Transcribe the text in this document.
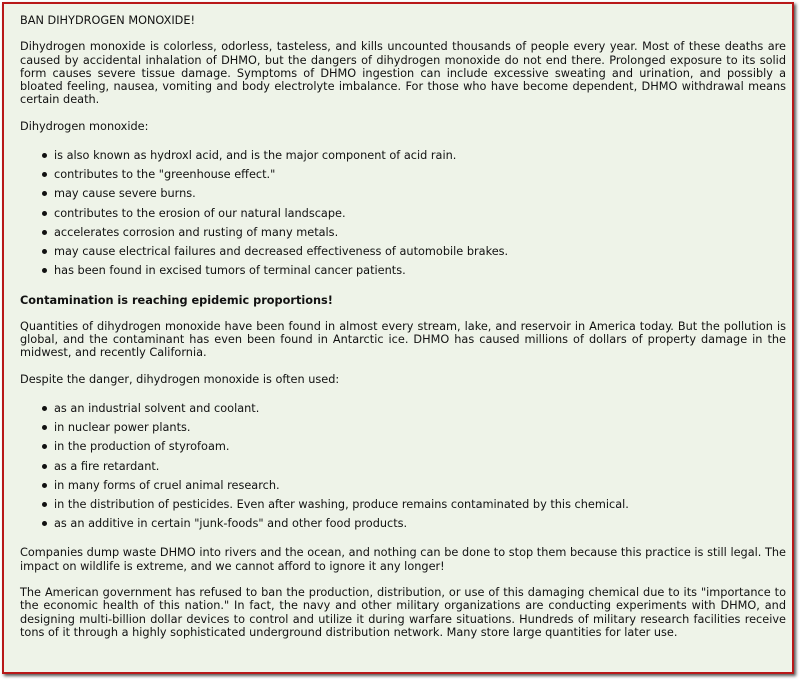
BAN DIHYDROGEN MONOXIDE!

Dihydrogen monoxide is colorless, odorless, tasteless, and kills uncounted thousands of people every year. Most of these deaths are caused by accidental inhalation of DHMO, but the dangers of dihydrogen monoxide do not end there. Prolonged exposure to its solid form causes severe tissue damage. Symptoms of DHMO ingestion can include excessive sweating and urination, and possibly a bloated feeling, nausea, vomiting and body electrolyte imbalance. For those who have become dependent, DHMO withdrawal means certain death.

Dihydrogen monoxide:

is also known as hydroxl acid, and is the major component of acid rain.
contributes to the "greenhouse effect."
may cause severe burns.
contributes to the erosion of our natural landscape.
accelerates corrosion and rusting of many metals.
may cause electrical failures and decreased effectiveness of automobile brakes.
has been found in excised tumors of terminal cancer patients.

Contamination is reaching epidemic proportions!

Quantities of dihydrogen monoxide have been found in almost every stream, lake, and reservoir in America today. But the pollution is global, and the contaminant has even been found in Antarctic ice. DHMO has caused millions of dollars of property damage in the midwest, and recently California.

Despite the danger, dihydrogen monoxide is often used:

as an industrial solvent and coolant.
in nuclear power plants.
in the production of styrofoam.
as a fire retardant.
in many forms of cruel animal research.
in the distribution of pesticides. Even after washing, produce remains contaminated by this chemical.
as an additive in certain "junk-foods" and other food products.

Companies dump waste DHMO into rivers and the ocean, and nothing can be done to stop them because this practice is still legal. The impact on wildlife is extreme, and we cannot afford to ignore it any longer!

The American government has refused to ban the production, distribution, or use of this damaging chemical due to its "importance to the economic health of this nation." In fact, the navy and other military organizations are conducting experiments with DHMO, and designing multi-billion dollar devices to control and utilize it during warfare situations. Hundreds of military research facilities receive tons of it through a highly sophisticated underground distribution network. Many store large quantities for later use.
